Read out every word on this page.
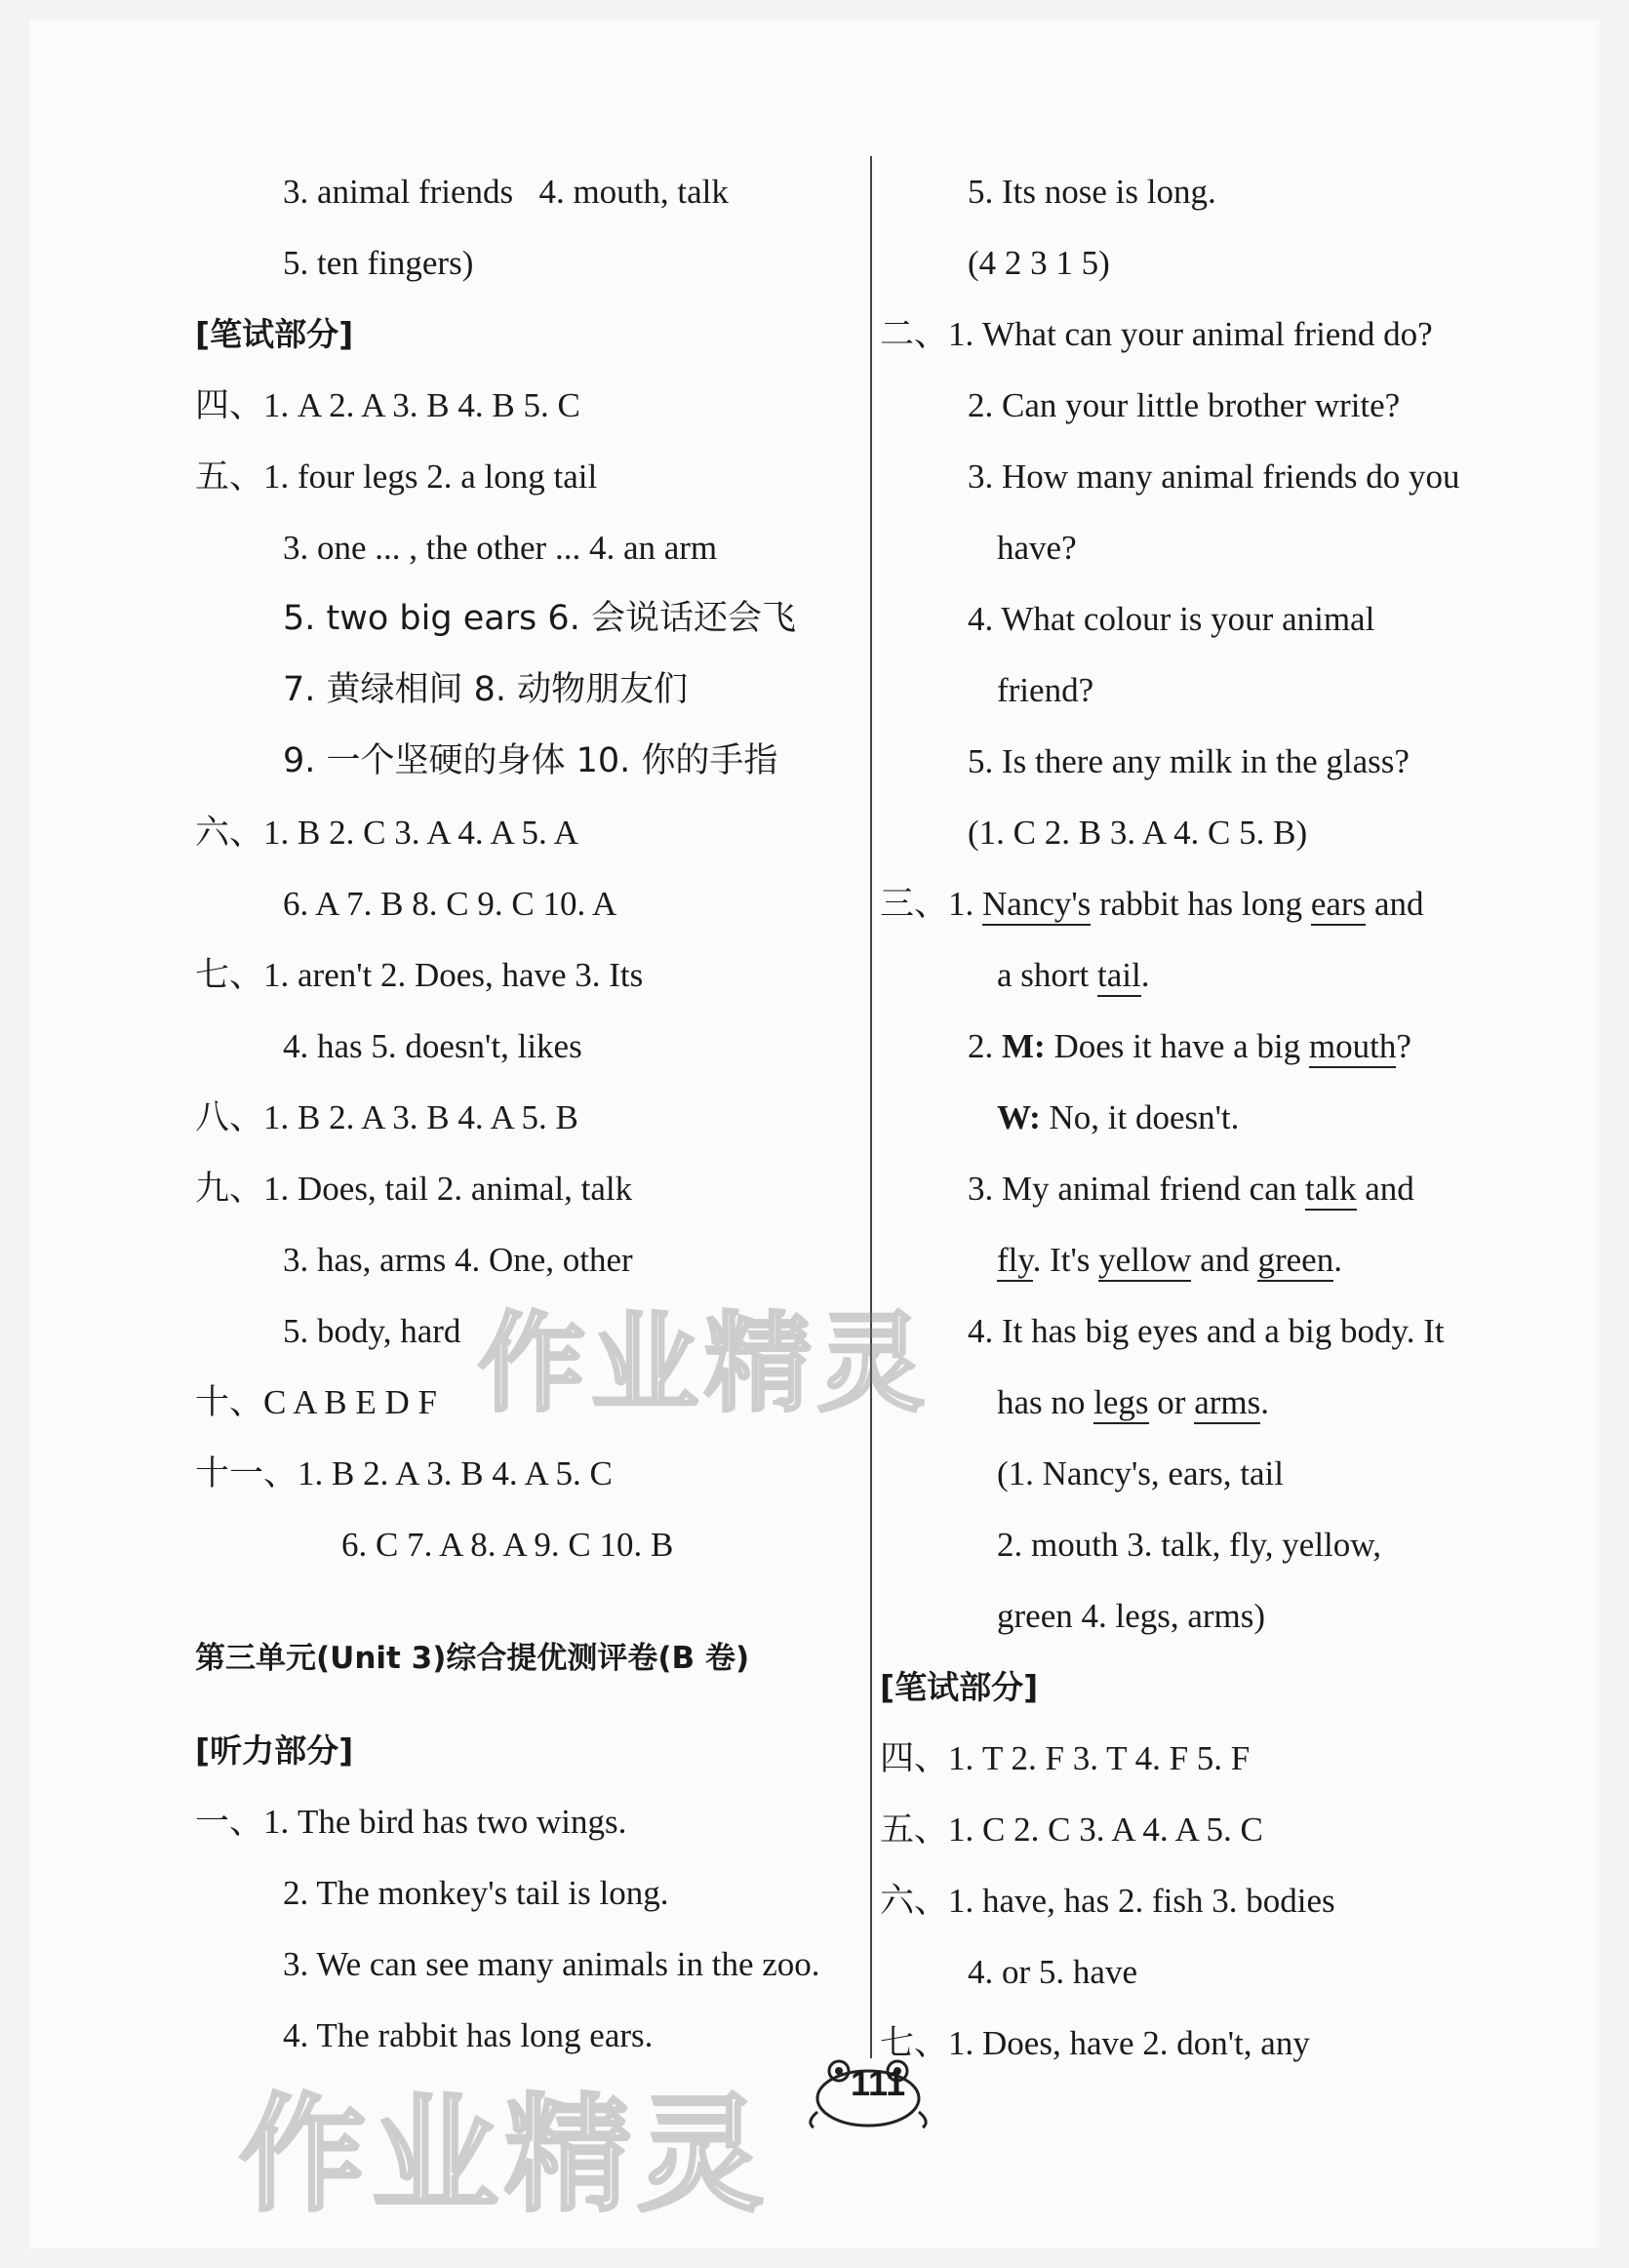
3. animal friends 4. mouth, talk
5. ten fingers)
[笔试部分]
四、1. A 2. A 3. B 4. B 5. C
五、1. four legs 2. a long tail
3. one ... , the other ... 4. an arm
5. two big ears 6. 会说话还会飞
7. 黄绿相间 8. 动物朋友们
9. 一个坚硬的身体 10. 你的手指
六、1. B 2. C 3. A 4. A 5. A
6. A 7. B 8. C 9. C 10. A
七、1. aren't 2. Does, have 3. Its
4. has 5. doesn't, likes
八、1. B 2. A 3. B 4. A 5. B
九、1. Does, tail 2. animal, talk
3. has, arms 4. One, other
5. body, hard
十、C A B E D F
十一、1. B 2. A 3. B 4. A 5. C
6. C 7. A 8. A 9. C 10. B
第三单元(Unit 3)综合提优测评卷(B 卷)
[听力部分]
一、1. The bird has two wings.
2. The monkey's tail is long.
3. We can see many animals in the zoo.
4. The rabbit has long ears.
5. Its nose is long.
(4 2 3 1 5)
二、1. What can your animal friend do?
2. Can your little brother write?
3. How many animal friends do you
have?
4. What colour is your animal
friend?
5. Is there any milk in the glass?
(1. C 2. B 3. A 4. C 5. B)
三、1. Nancy's rabbit has long ears and
a short tail.
2. M: Does it have a big mouth?
W: No, it doesn't.
3. My animal friend can talk and
fly. It's yellow and green.
4. It has big eyes and a big body. It
has no legs or arms.
(1. Nancy's, ears, tail
2. mouth 3. talk, fly, yellow,
green 4. legs, arms)
[笔试部分]
四、1. T 2. F 3. T 4. F 5. F
五、1. C 2. C 3. A 4. A 5. C
六、1. have, has 2. fish 3. bodies
4. or 5. have
七、1. Does, have 2. don't, any
111
作业精灵
作业精灵
